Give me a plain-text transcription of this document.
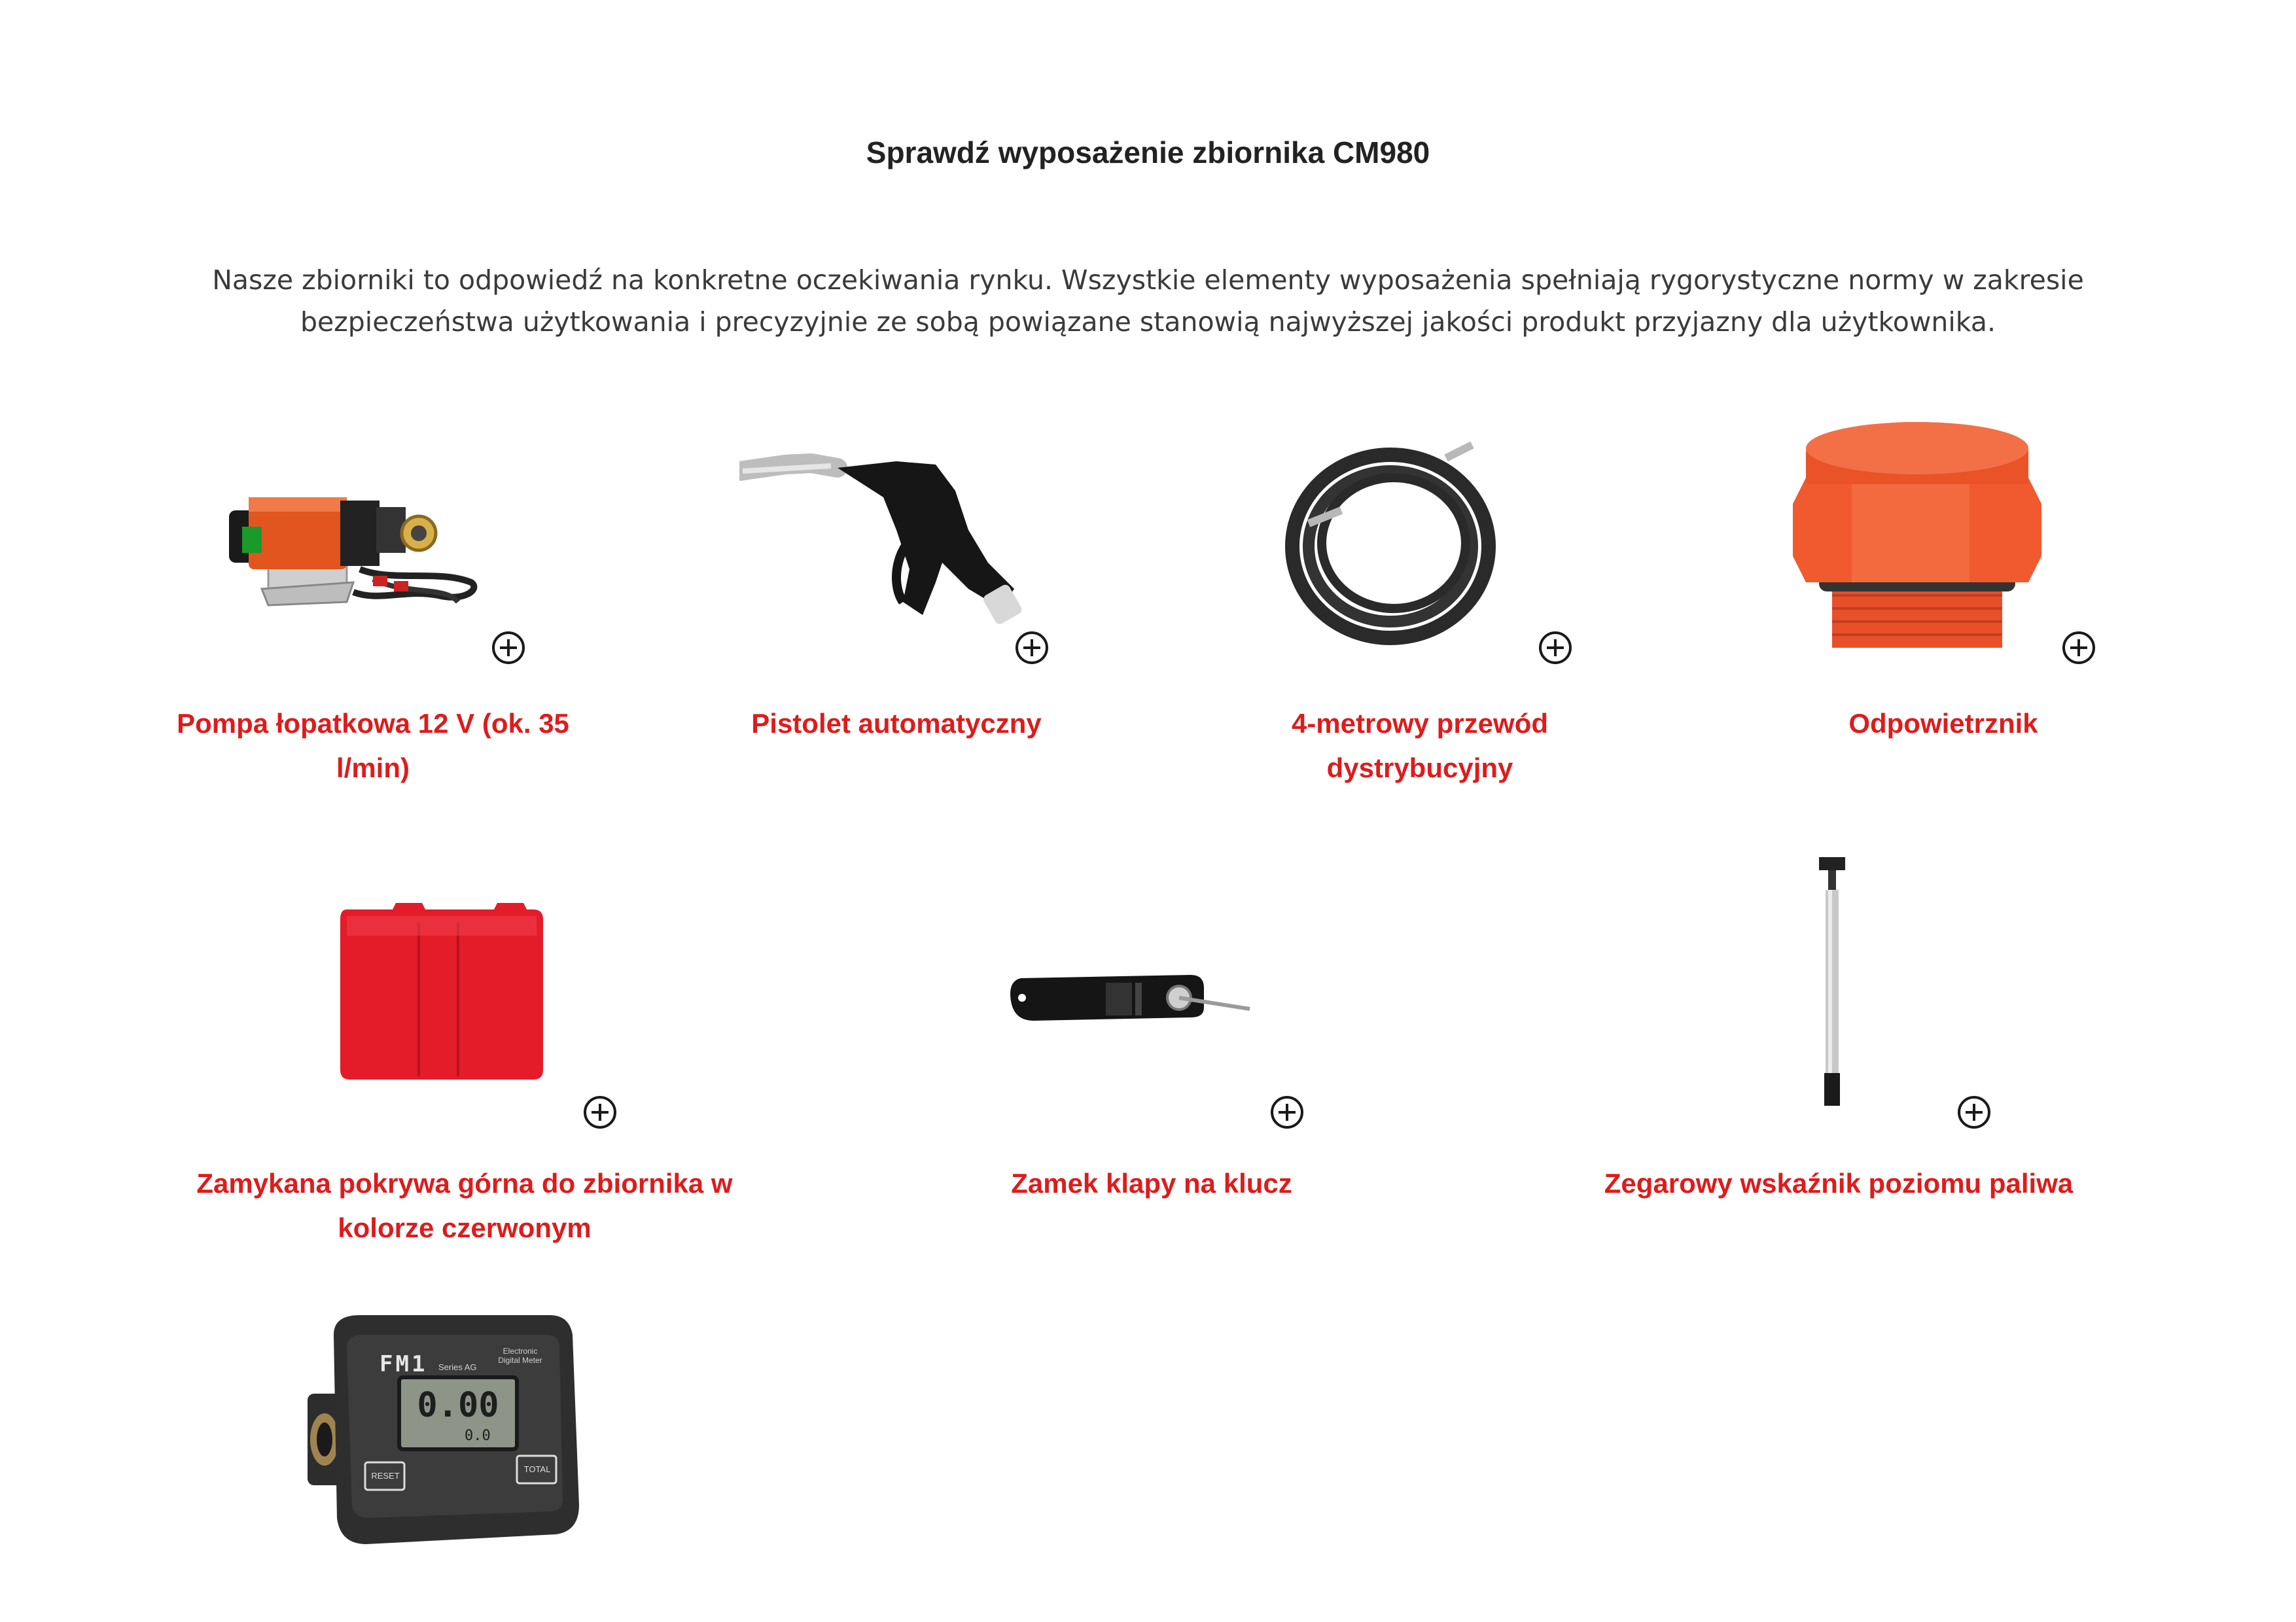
Sprawdź wyposażenie zbiornika CM980

Nasze zbiorniki to odpowiedź na konkretne oczekiwania rynku. Wszystkie elementy wyposażenia spełniają rygorystyczne normy w zakresie bezpieczeństwa użytkowania i precyzyjnie ze sobą powiązane stanowią najwyższej jakości produkt przyjazny dla użytkownika.

Pompa łopatkowa 12 V (ok. 35 l/min)
Pistolet automatyczny	4-metrowy przewód dystrybucyjny
Odpowietrznik
Zamykana pokrywa górna do zbiornika w kolorze czerwonym
Zamek klapy na klucz	Zegarowy wskaźnik poziomu paliwa
FM1 Series AG
Electronic Digital Meter
0.00
0.0
RESET
TOTAL
